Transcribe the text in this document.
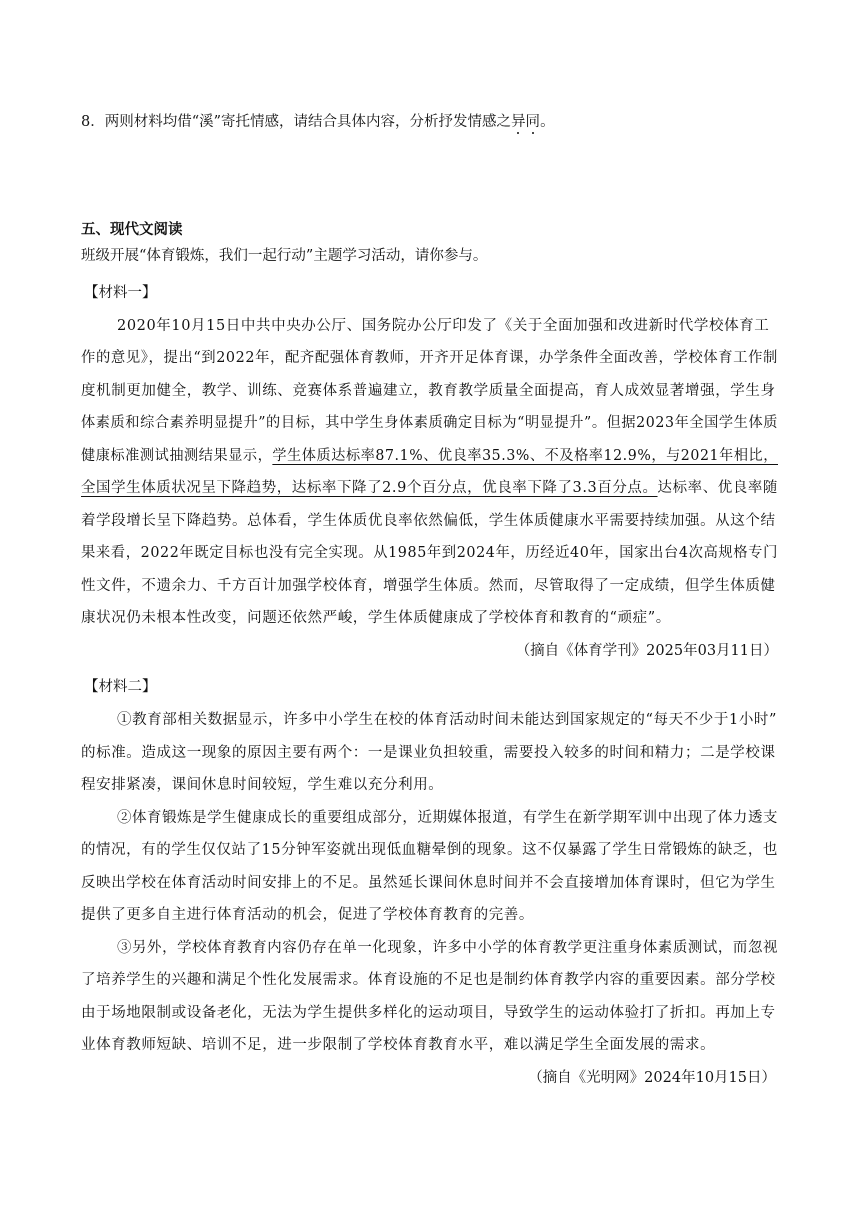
8．两则材料均借“溪”寄托情感，请结合具体内容，分析抒发情感之异同。
五、现代文阅读
班级开展“体育锻炼，我们一起行动”主题学习活动，请你参与。
【材料一】
2020年10月15日中共中央办公厅、国务院办公厅印发了《关于全面加强和改进新时代学校体育工
作的意见》，提出“到2022年，配齐配强体育教师，开齐开足体育课，办学条件全面改善，学校体育工作制
度机制更加健全，教学、训练、竞赛体系普遍建立，教育教学质量全面提高，育人成效显著增强，学生身
体素质和综合素养明显提升”的目标，其中学生身体素质确定目标为“明显提升”。但据2023年全国学生体质
健康标准测试抽测结果显示，学生体质达标率87.1%、优良率35.3%、不及格率12.9%，与2021年相比，
全国学生体质状况呈下降趋势，达标率下降了2.9个百分点，优良率下降了3.3百分点。达标率、优良率随
着学段增长呈下降趋势。总体看，学生体质优良率依然偏低，学生体质健康水平需要持续加强。从这个结
果来看，2022年既定目标也没有完全实现。从1985年到2024年，历经近40年，国家出台4次高规格专门
性文件，不遗余力、千方百计加强学校体育，增强学生体质。然而，尽管取得了一定成绩，但学生体质健
康状况仍未根本性改变，问题还依然严峻，学生体质健康成了学校体育和教育的“顽症”。
（摘自《体育学刊》2025年03月11日）
【材料二】
①教育部相关数据显示，许多中小学生在校的体育活动时间未能达到国家规定的“每天不少于1小时”
的标准。造成这一现象的原因主要有两个：一是课业负担较重，需要投入较多的时间和精力；二是学校课
程安排紧凑，课间休息时间较短，学生难以充分利用。
②体育锻炼是学生健康成长的重要组成部分，近期媒体报道，有学生在新学期军训中出现了体力透支
的情况，有的学生仅仅站了15分钟军姿就出现低血糖晕倒的现象。这不仅暴露了学生日常锻炼的缺乏，也
反映出学校在体育活动时间安排上的不足。虽然延长课间休息时间并不会直接增加体育课时，但它为学生
提供了更多自主进行体育活动的机会，促进了学校体育教育的完善。
③另外，学校体育教育内容仍存在单一化现象，许多中小学的体育教学更注重身体素质测试，而忽视
了培养学生的兴趣和满足个性化发展需求。体育设施的不足也是制约体育教学内容的重要因素。部分学校
由于场地限制或设备老化，无法为学生提供多样化的运动项目，导致学生的运动体验打了折扣。再加上专
业体育教师短缺、培训不足，进一步限制了学校体育教育水平，难以满足学生全面发展的需求。
（摘自《光明网》2024年10月15日）
